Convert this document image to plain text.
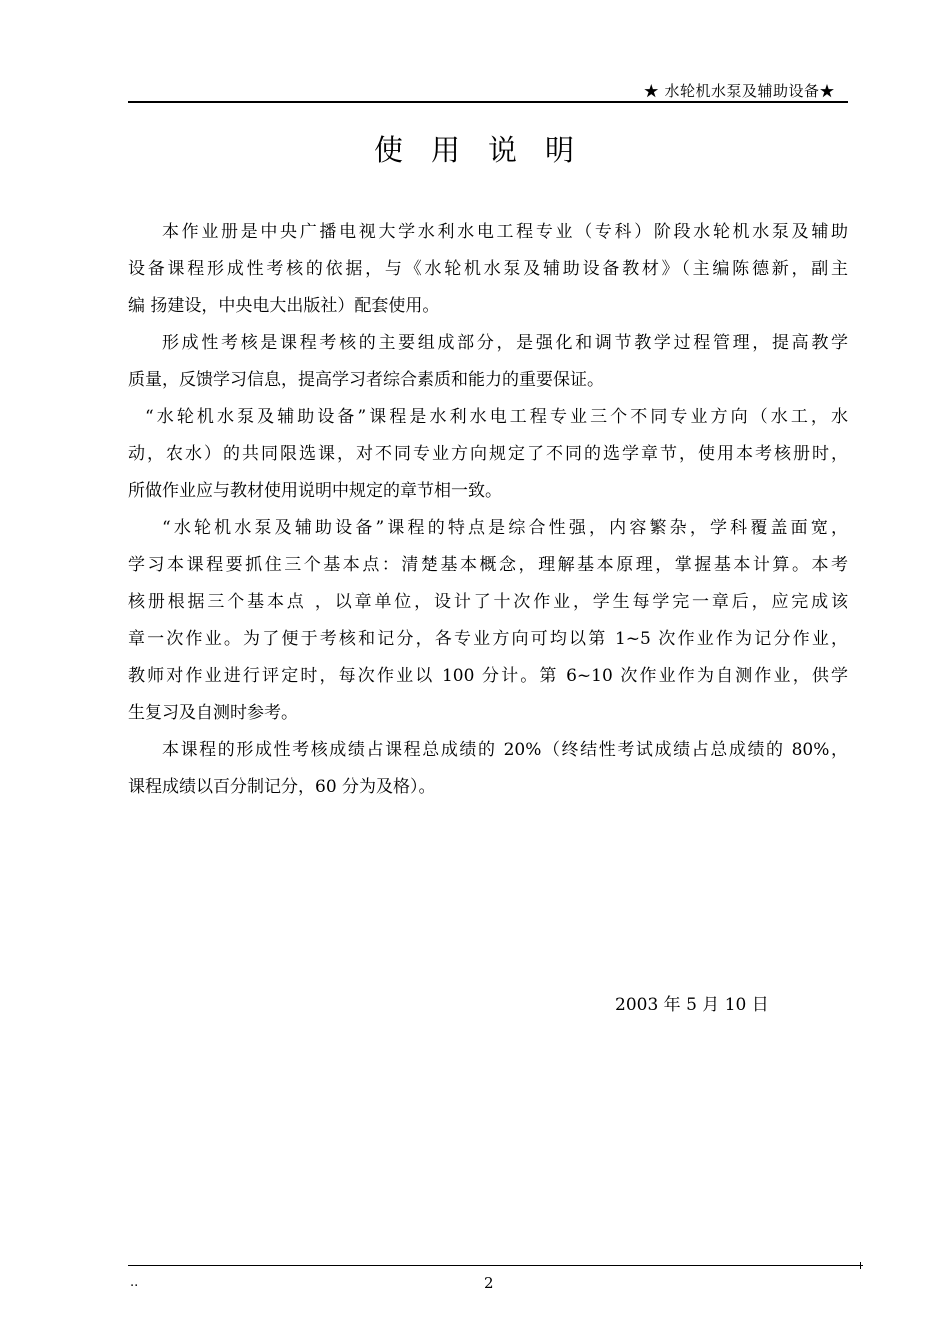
★ 水轮机水泵及辅助设备★
使用说明
本作业册是中央广播电视大学水利水电工程专业（专科）阶段水轮机水泵及辅助
设备课程形成性考核的依据，与《水轮机水泵及辅助设备教材》（主编陈德新，副主
编 扬建设，中央电大出版社）配套使用。
形成性考核是课程考核的主要组成部分，是强化和调节教学过程管理，提高教学
质量，反馈学习信息，提高学习者综合素质和能力的重要保证。
“水轮机水泵及辅助设备”课程是水利水电工程专业三个不同专业方向（水工，水
动，农水）的共同限选课，对不同专业方向规定了不同的选学章节，使用本考核册时，
所做作业应与教材使用说明中规定的章节相一致。
“水轮机水泵及辅助设备”课程的特点是综合性强，内容繁杂，学科覆盖面宽，
学习本课程要抓住三个基本点：清楚基本概念，理解基本原理，掌握基本计算。本考
核册根据三个基本点 ，以章单位，设计了十次作业，学生每学完一章后，应完成该
章一次作业。为了便于考核和记分，各专业方向可均以第 1~5 次作业作为记分作业，
教师对作业进行评定时，每次作业以 100 分计。第 6~10 次作业作为自测作业，供学
生复习及自测时参考。
本课程的形成性考核成绩占课程总成绩的 20%（终结性考试成绩占总成绩的 80%，
课程成绩以百分制记分，60 分为及格）。
2003 年 5 月 10 日
..	2
